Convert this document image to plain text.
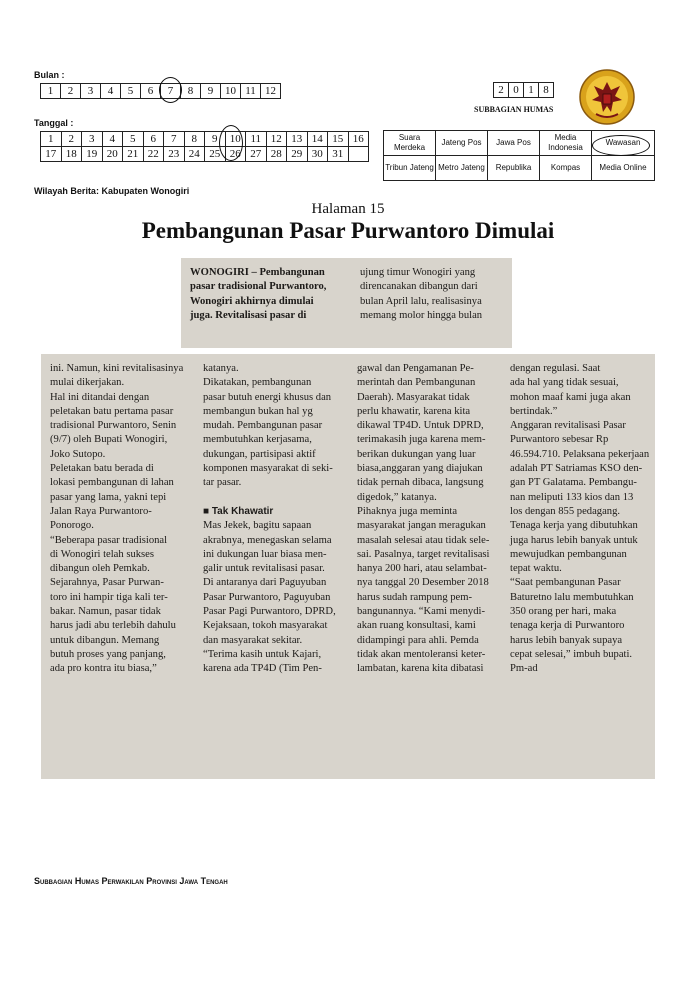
Bulan :
1	2	3	4	5	6	7	8	9	10	11	12
Tanggal :
1	2	3	4	5	6	7	8	9	10	11	12	13	14	15	16
17	18	19	20	21	22	23	24	25	26	27	28	29	30	31	
2	0	1	8
SUBBAGIAN HUMAS
Suara Merdeka	Jateng Pos	Jawa Pos	Media Indonesia	Wawasan
Tribun Jateng	Metro Jateng	Republika	Kompas	Media Online
Wilayah Berita: Kabupaten Wonogiri
Halaman 15
Pembangunan Pasar Purwantoro Dimulai

WONOGIRI – Pembangunan

pasar tradisional Purwantoro,

Wonogiri akhirnya dimulai

juga. Revitalisasi pasar di

ujung timur Wonogiri yang

direncanakan dibangun dari

bulan April lalu, realisasinya

memang molor hingga bulan

ini. Namun, kini revitalisasinya

mulai dikerjakan.

Hal ini ditandai dengan

peletakan batu pertama pasar

tradisional Purwantoro, Senin

(9/7) oleh Bupati Wonogiri,

Joko Sutopo.

Peletakan batu berada di

lokasi pembangunan di lahan

pasar yang lama, yakni tepi

Jalan Raya Purwantoro-

Ponorogo.

“Beberapa pasar tradisional

di Wonogiri telah sukses

dibangun oleh Pemkab.

Sejarahnya, Pasar Purwan-

toro ini hampir tiga kali ter-

bakar. Namun, pasar tidak

harus jadi abu terlebih dahulu

untuk dibangun. Memang

butuh proses yang panjang,

ada pro kontra itu biasa,”

katanya.

Dikatakan, pembangunan

pasar butuh energi khusus dan

membangun bukan hal yg

mudah. Pembangunan pasar

membutuhkan kerjasama,

dukungan, partisipasi aktif

komponen masyarakat di seki-

tar pasar.

■ Tak Khawatir

Mas Jekek, bagitu sapaan

akrabnya, menegaskan selama

ini dukungan luar biasa men-

galir untuk revitalisasi pasar.

Di antaranya dari Paguyuban

Pasar Purwantoro, Paguyuban

Pasar Pagi Purwantoro, DPRD,

Kejaksaan, tokoh masyarakat

dan masyarakat sekitar.

“Terima kasih untuk Kajari,

karena ada TP4D (Tim Pen-

gawal dan Pengamanan Pe-

merintah dan Pembangunan

Daerah). Masyarakat tidak

perlu khawatir, karena kita

dikawal TP4D. Untuk DPRD,

terimakasih juga karena mem-

berikan dukungan yang luar

biasa,anggaran yang diajukan

tidak pernah dibaca, langsung

digedok,” katanya.

Pihaknya juga meminta

masyarakat jangan meragukan

masalah selesai atau tidak sele-

sai. Pasalnya, target revitalisasi

hanya 200 hari, atau selambat-

nya tanggal 20 Desember 2018

harus sudah rampung pem-

bangunannya. “Kami menydi-

akan ruang konsultasi, kami

didampingi para ahli. Pemda

tidak akan mentoleransi keter-

lambatan, karena kita dibatasi

dengan regulasi. Saat

ada hal yang tidak sesuai,

mohon maaf kami juga akan

bertindak.”

Anggaran revitalisasi Pasar

Purwantoro sebesar Rp

46.594.710. Pelaksana pekerjaan

adalah PT Satriamas KSO den-

gan PT Galatama. Pembangu-

nan meliputi 133 kios dan 13

los dengan 855 pedagang.

Tenaga kerja yang dibutuhkan

juga harus lebih banyak untuk

mewujudkan pembangunan

tepat waktu.

“Saat pembangunan Pasar

Baturetno lalu membutuhkan

350 orang per hari, maka

tenaga kerja di Purwantoro

harus lebih banyak supaya

cepat selesai,” imbuh bupati.

Pm-ad

Subbagian Humas Perwakilan Provinsi Jawa Tengah
